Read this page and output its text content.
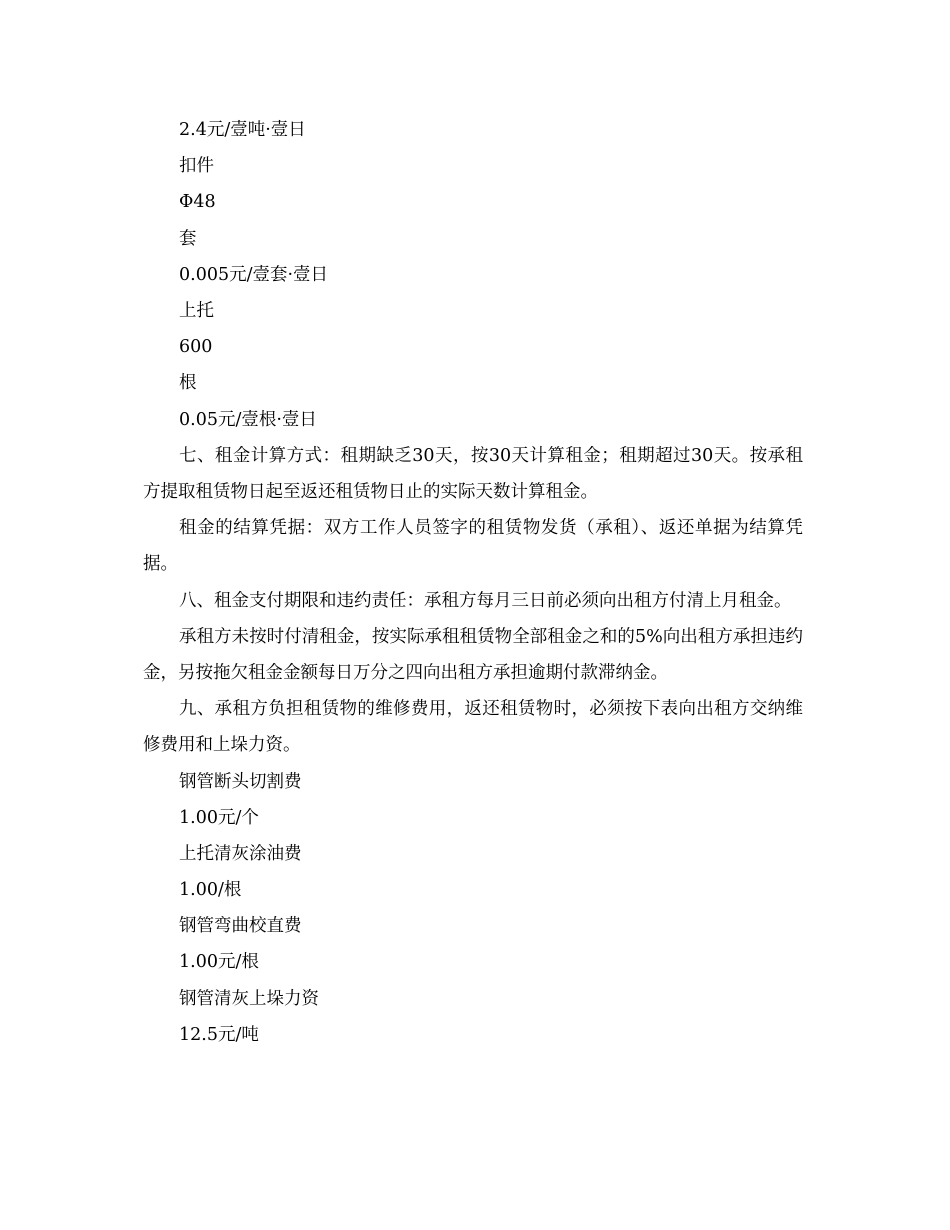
2.4元/壹吨·壹日
扣件
Φ48
套
0.005元/壹套·壹日
上托
600
根
0.05元/壹根·壹日

七、租金计算方式：租期缺乏30天，按30天计算租金；租期超过30天。按承租方提取租赁物日起至返还租赁物日止的实际天数计算租金。

租金的结算凭据：双方工作人员签字的租赁物发货（承租）、返还单据为结算凭据。

八、租金支付期限和违约责任：承租方每月三日前必须向出租方付清上月租金。

承租方未按时付清租金，按实际承租租赁物全部租金之和的5%向出租方承担违约金，另按拖欠租金金额每日万分之四向出租方承担逾期付款滞纳金。

九、承租方负担租赁物的维修费用，返还租赁物时，必须按下表向出租方交纳维修费用和上垛力资。

钢管断头切割费
1.00元/个
上托清灰涂油费
1.00/根
钢管弯曲校直费
1.00元/根
钢管清灰上垛力资
12.5元/吨
